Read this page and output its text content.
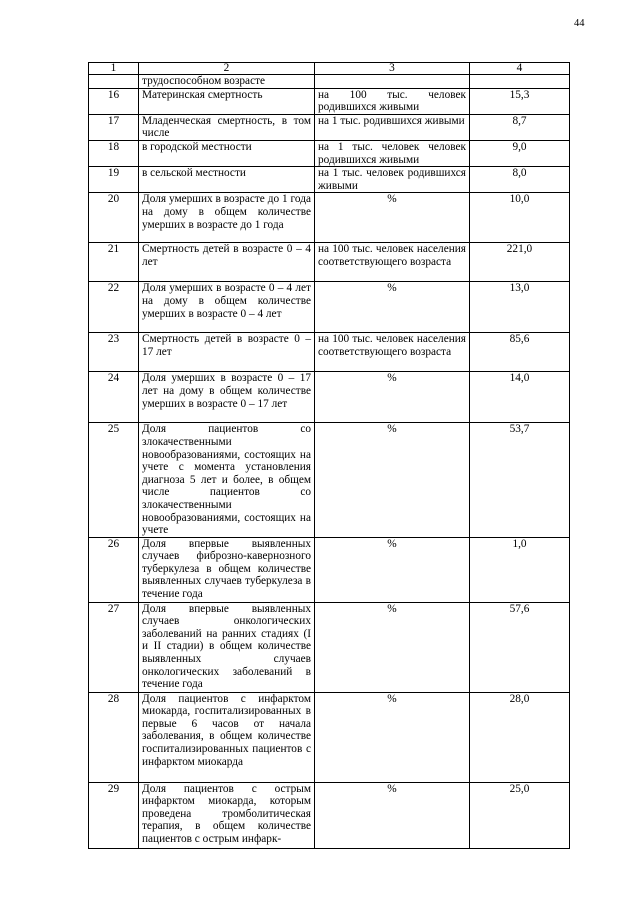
44
1	2	3	4
	трудоспособном возрасте		
16	Материнская смертность	на 100 тыс. человек родившихся живыми	15,3
17	Младенческая смертность, в том числе	на 1 тыс. родившихся живыми	8,7
18	в городской местности	на 1 тыс. человек человек родившихся живыми	9,0
19	в сельской местности	на 1 тыс. человек родившихся живыми	8,0
20	Доля умерших в возрасте до 1 года на дому в общем количестве умерших в возрасте до 1 года	%	10,0
21	Смертность детей в возрасте 0 – 4 лет	на 100 тыс. человек населения соответствующего возраста	221,0
22	Доля умерших в возрасте 0 – 4 лет на дому в общем количестве умерших в возрасте 0 – 4 лет	%	13,0
23	Смертность детей в возрасте 0 – 17 лет	на 100 тыс. человек населения соответствующего возраста	85,6
24	Доля умерших в возрасте 0 – 17 лет на дому в общем количестве умерших в возрасте 0 – 17 лет	%	14,0
25	Доля пациентов со злокачественными новообразованиями, состоящих на учете с момента установления диагноза 5 лет и более, в общем числе пациентов со злокачественными новообразованиями, состоящих на учете	%	53,7
26	Доля впервые выявленных случаев фиброзно-кавернозного туберкулеза в общем количестве выявленных случаев туберкулеза в течение года	%	1,0
27	Доля впервые выявленных случаев онкологических заболеваний на ранних стадиях (I и II стадии) в общем количестве выявленных случаев онкологических заболеваний в течение года	%	57,6
28	Доля пациентов с инфарктом миокарда, госпитализированных в первые 6 часов от начала заболевания, в общем количестве госпитализированных пациентов с инфарктом миокарда	%	28,0
29	Доля пациентов с острым инфарктом миокарда, которым проведена тромболитическая терапия, в общем количестве пациентов с острым инфарк-	%	25,0
